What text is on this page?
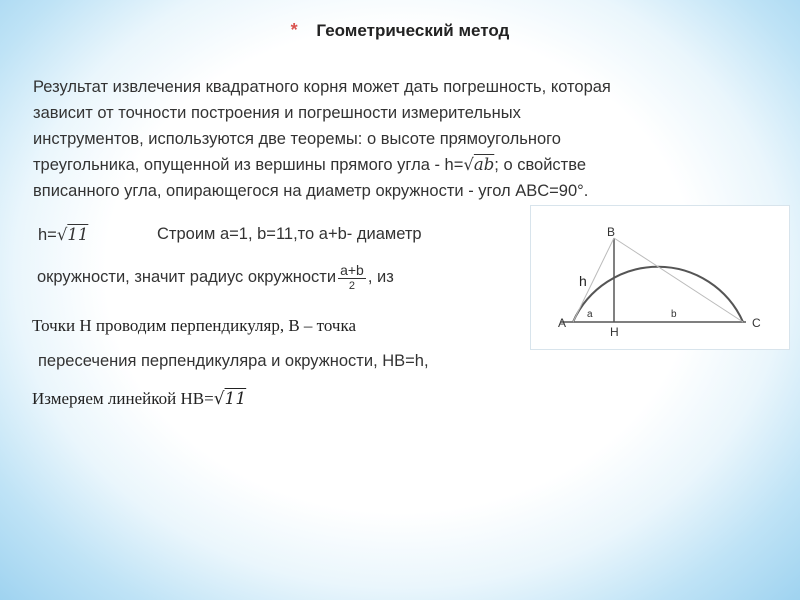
* Геометрический метод
Результат извлечения квадратного корня может дать погрешность, которая
зависит от точности построения и погрешности измерительных
инструментов, используются две теоремы: о высоте прямоугольного
треугольника, опущенной из вершины прямого угла - h=√ab; о свойстве
вписанного угла, опирающегося на диаметр окружности - угол ABC=90°.
h=√11	Строим a=1, b=11,то a+b- диаметр
окружности, значит радиус окружности $\frac{a+b}{2}$ , из
Точки H проводим перпендикуляр, B – точка
пересечения перпендикуляра и окружности, HB=h,
Измеряем линейкой HB=√11
B
h
A
a	b
H
C
